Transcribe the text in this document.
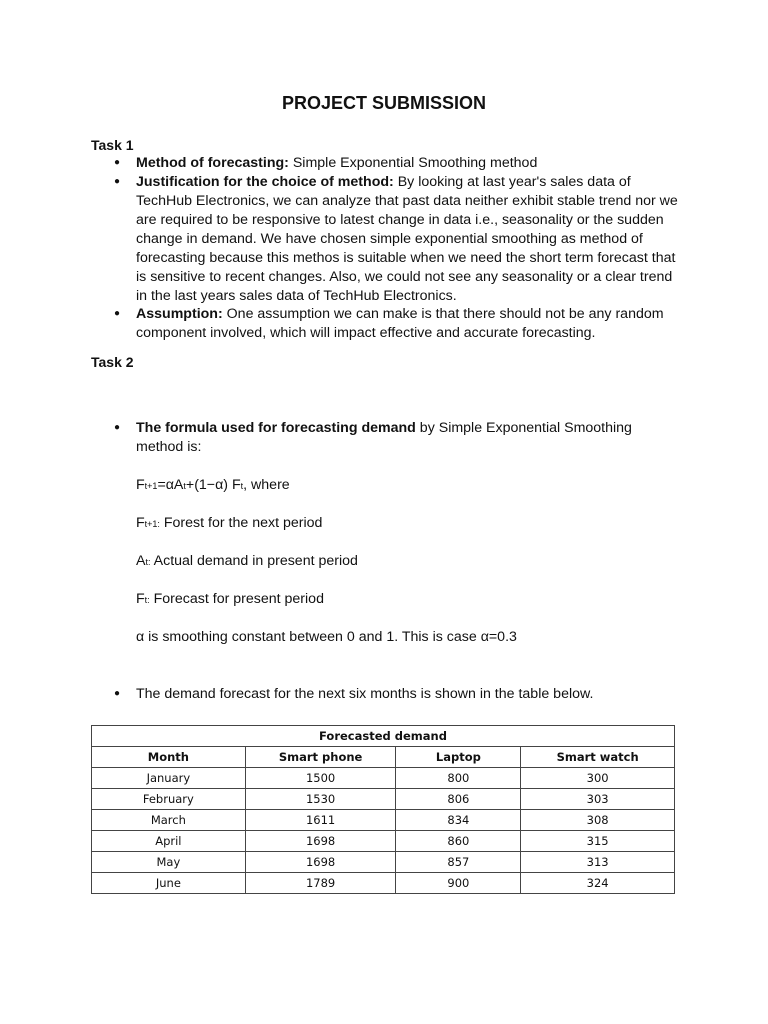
PROJECT SUBMISSION
Task 1
● Method of forecasting: Simple Exponential Smoothing method
● Justification for the choice of method: By looking at last year's sales data of TechHub Electronics, we can analyze that past data neither exhibit stable trend nor we are required to be responsive to latest change in data i.e., seasonality or the sudden change in demand. We have chosen simple exponential smoothing as method of forecasting because this methos is suitable when we need the short term forecast that is sensitive to recent changes. Also, we could not see any seasonality or a clear trend in the last years sales data of TechHub Electronics.
● Assumption: One assumption we can make is that there should not be any random component involved, which will impact effective and accurate forecasting.
Task 2
● The formula used for forecasting demand by Simple Exponential Smoothing method is:
Ft+1=αAt+(1−α) Ft, where
Ft+1: Forest for the next period
At: Actual demand in present period
Ft: Forecast for present period
α is smoothing constant between 0 and 1. This is case α=0.3
● The demand forecast for the next six months is shown in the table below.
Forecasted demand			
Month	Smart phone	Laptop	Smart watch
January	1500	800	300
February	1530	806	303
March	1611	834	308
April	1698	860	315
May	1698	857	313
June	1789	900	324
